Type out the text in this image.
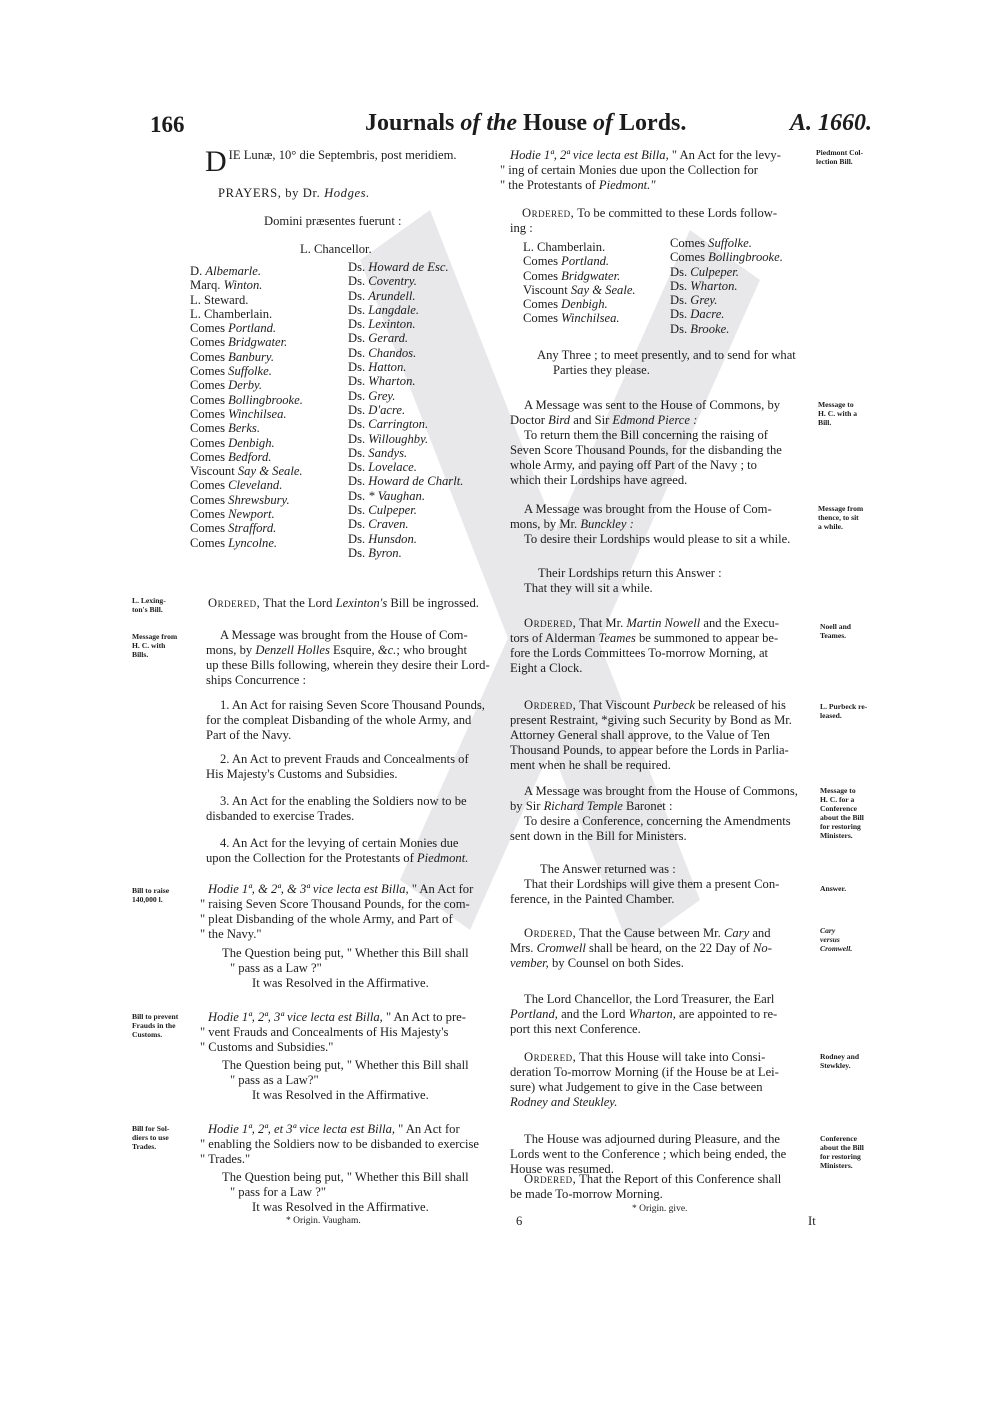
166	Journals of the House of Lords.	A. 1660.
D IE Lunæ, 10° die Septembris, post meridiem.
PRAYERS, by Dr. Hodges.
Domini præsentes fuerunt :
L. Chancellor.
D. Albemarle.
Marq. Winton.
L. Steward.
L. Chamberlain.
Comes Portland.
Comes Bridgwater.
Comes Banbury.
Comes Suffolke.
Comes Derby.
Comes Bollingbrooke.
Comes Winchilsea.
Comes Berks.
Comes Denbigh.
Comes Bedford.
Viscount Say & Seale.
Comes Cleveland.
Comes Shrewsbury.
Comes Newport.
Comes Strafford.
Comes Lyncolne.
Ds. Howard de Esc.
Ds. Coventry.
Ds. Arundell.
Ds. Langdale.
Ds. Lexinton.
Ds. Gerard.
Ds. Chandos.
Ds. Hatton.
Ds. Wharton.
Ds. Grey.
Ds. D'acre.
Ds. Carrington.
Ds. Willoughby.
Ds. Sandys.
Ds. Lovelace.
Ds. Howard de Charlt.
Ds. * Vaughan.
Ds. Culpeper.
Ds. Craven.
Ds. Hunsdon.
Ds. Byron.
L. Lexing-
ton's Bill.	Ordered, That the Lord Lexinton's Bill be ingrossed.
Message from
H. C. with
Bills.
A Message was brought from the House of Com-
mons, by Denzell Holles Esquire, &c.; who brought
up these Bills following, wherein they desire their Lord-
ships Concurrence :
1. An Act for raising Seven Score Thousand Pounds,
for the compleat Disbanding of the whole Army, and
Part of the Navy.
2. An Act to prevent Frauds and Concealments of
His Majesty's Customs and Subsidies.
3. An Act for the enabling the Soldiers now to be
disbanded to exercise Trades.
4. An Act for the levying of certain Monies due
upon the Collection for the Protestants of Piedmont.
Bill to raise
140,000 l.
Hodie 1ª, & 2ª, & 3ª vice lecta est Billa, " An Act for
" raising Seven Score Thousand Pounds, for the com-
" pleat Disbanding of the whole Army, and Part of
" the Navy."
The Question being put, " Whether this Bill shall
" pass as a Law ?"
It was Resolved in the Affirmative.
Bill to prevent
Frauds in the
Customs.
Hodie 1ª, 2ª, 3ª vice lecta est Billa, " An Act to pre-
" vent Frauds and Concealments of His Majesty's
" Customs and Subsidies."
The Question being put, " Whether this Bill shall
" pass as a Law?"
It was Resolved in the Affirmative.
Bill for Sol-
diers to use
Trades.
Hodie 1ª, 2ª, et 3ª vice lecta est Billa, " An Act for
" enabling the Soldiers now to be disbanded to exercise
" Trades."
The Question being put, " Whether this Bill shall
" pass for a Law ?"
It was Resolved in the Affirmative.
* Origin. Vaugham.
Piedmont Col-
lection Bill.
Hodie 1ª, 2ª vice lecta est Billa, " An Act for the levy-
" ing of certain Monies due upon the Collection for
" the Protestants of Piedmont."
Ordered, To be committed to these Lords follow-
ing :
L. Chamberlain.
Comes Portland.
Comes Bridgwater.
Viscount Say & Seale.
Comes Denbigh.
Comes Winchilsea.
Comes Suffolke.
Comes Bollingbrooke.
Ds. Culpeper.
Ds. Wharton.
Ds. Grey.
Ds. Dacre.
Ds. Brooke.
Any Three ; to meet presently, and to send for what
Parties they please.
Message to
H. C. with a
Bill.
A Message was sent to the House of Commons, by
Doctor Bird and Sir Edmond Pierce :
To return them the Bill concerning the raising of
Seven Score Thousand Pounds, for the disbanding the
whole Army, and paying off Part of the Navy ; to
which their Lordships have agreed.
Message from
thence, to sit
a while.
A Message was brought from the House of Com-
mons, by Mr. Bunckley :
To desire their Lordships would please to sit a while.
Their Lordships return this Answer :
That they will sit a while.
Noell and
Teames.
Ordered, That Mr. Martin Nowell and the Execu-
tors of Alderman Teames be summoned to appear be-
fore the Lords Committees To-morrow Morning, at
Eight a Clock.
L. Purbeck re-
leased.
Ordered, That Viscount Purbeck be released of his
present Restraint, *giving such Security by Bond as Mr.
Attorney General shall approve, to the Value of Ten
Thousand Pounds, to appear before the Lords in Parlia-
ment when he shall be required.
Message to
H. C. for a
Conference
about the Bill
for restoring
Ministers.
A Message was brought from the House of Commons,
by Sir Richard Temple Baronet :
To desire a Conference, concerning the Amendments
sent down in the Bill for Ministers.
Answer.
The Answer returned was :
That their Lordships will give them a present Con-
ference, in the Painted Chamber.
Cary
versus
Cromwell.
Ordered, That the Cause between Mr. Cary and
Mrs. Cromwell shall be heard, on the 22 Day of No-
vember, by Counsel on both Sides.
The Lord Chancellor, the Lord Treasurer, the Earl
Portland, and the Lord Wharton, are appointed to re-
port this next Conference.
Rodney and
Stewkley.
Ordered, That this House will take into Consi-
deration To-morrow Morning (if the House be at Lei-
sure) what Judgement to give in the Case between
Rodney and Steukley.
Conference
about the Bill
for restoring
Ministers.
The House was adjourned during Pleasure, and the
Lords went to the Conference ; which being ended, the
House was resumed.
Ordered, That the Report of this Conference shall
be made To-morrow Morning.
* Origin. give.
6	It
